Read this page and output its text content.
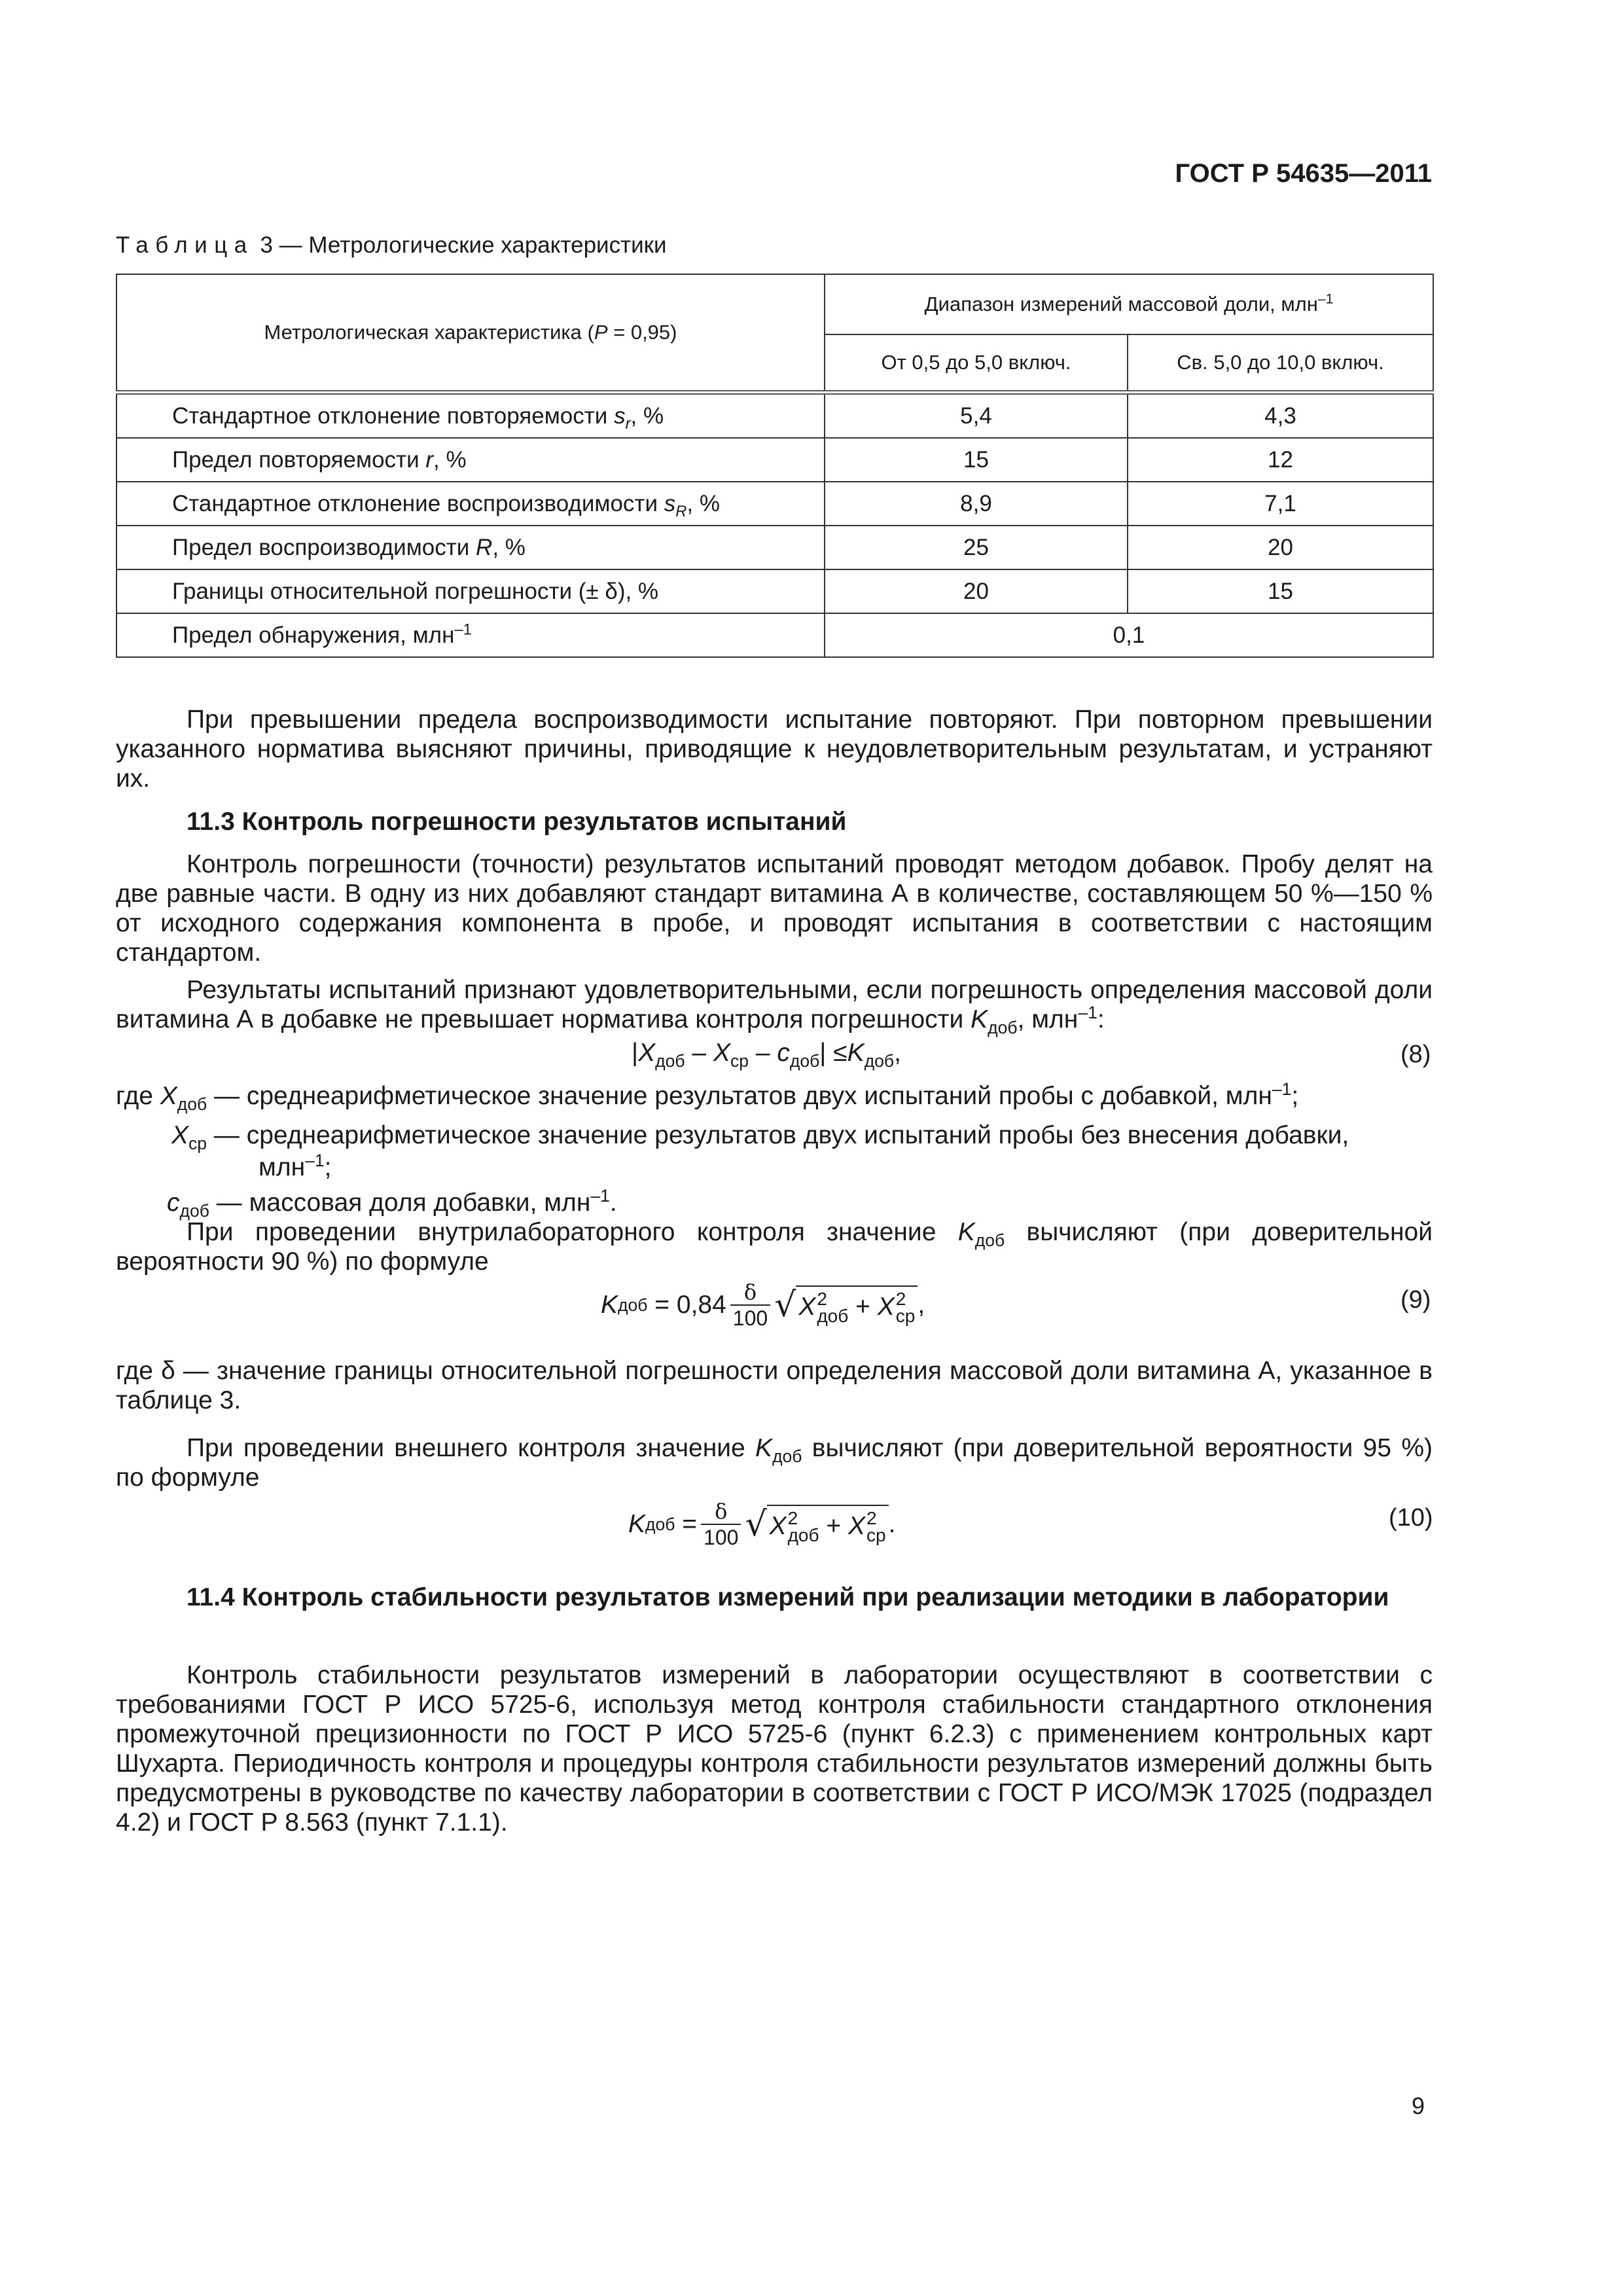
ГОСТ Р 54635—2011
Таблица 3 — Метрологические характеристики
Метрологическая характеристика (P = 0,95)	Диапазон измерений массовой доли, млн$^{-1}$
	От 0,5 до 5,0 включ.	Св. 5,0 до 10,0 включ.
Стандартное отклонение повторяемости $s_r$, %	5,4	4,3
Предел повторяемости r, %	15	12
Стандартное отклонение воспроизводимости $s_R$, %	8,9	7,1
Предел воспроизводимости R, %	25	20
Границы относительной погрешности (± δ), %	20	15
Предел обнаружения, млн$^{-1}$	0,1	
При превышении предела воспроизводимости испытание повторяют. При повторном превышении указанного норматива выясняют причины, приводящие к неудовлетворительным результатам, и устраняют их.
11.3 Контроль погрешности результатов испытаний
Контроль погрешности (точности) результатов испытаний проводят методом добавок. Пробу делят на две равные части. В одну из них добавляют стандарт витамина А в количестве, составляющем 50 %—150 % от исходного содержания компонента в пробе, и проводят испытания в соответствии с настоящим стандартом.
Результаты испытаний признают удовлетворительными, если погрешность определения массовой доли витамина А в добавке не превышает норматива контроля погрешности $K_{доб}$, млн$^{-1}$:
$|X_{доб} - X_{ср} - c_{доб}| \le K_{доб}$,	(8)
где $X_{доб}$ — среднеарифметическое значение результатов двух испытаний пробы с добавкой, млн$^{-1}$;
$X_{ср}$ — среднеарифметическое значение результатов двух испытаний пробы без внесения добавки,
млн$^{-1}$;
$c_{доб}$ — массовая доля добавки, млн$^{-1}$.
При проведении внутрилабораторного контроля значение $K_{доб}$ вычисляют (при доверительной вероятности 90 %) по формуле
K доб
=
$0,84 \frac{\delta}{100}$ √ X 2
доб + X 2
ср ,	(9)
где δ — значение границы относительной погрешности определения массовой доли витамина А, указанное в таблице 3.
При проведении внешнего контроля значение $K_{доб}$ вычисляют (при доверительной вероятности 95 %) по формуле
K доб
= $\frac{\delta}{100}$ √ X 2
доб + X 2
ср .	(10)
11.4 Контроль стабильности результатов измерений при реализации методики в лаборатории
Контроль стабильности результатов измерений в лаборатории осуществляют в соответствии с требованиями ГОСТ Р ИСО 5725-6, используя метод контроля стабильности стандартного отклонения промежуточной прецизионности по ГОСТ Р ИСО 5725-6 (пункт 6.2.3) с применением контрольных карт Шухарта. Периодичность контроля и процедуры контроля стабильности результатов измерений должны быть предусмотрены в руководстве по качеству лаборатории в соответствии с ГОСТ Р ИСО/МЭК 17025 (подраздел 4.2) и ГОСТ Р 8.563 (пункт 7.1.1).
9
